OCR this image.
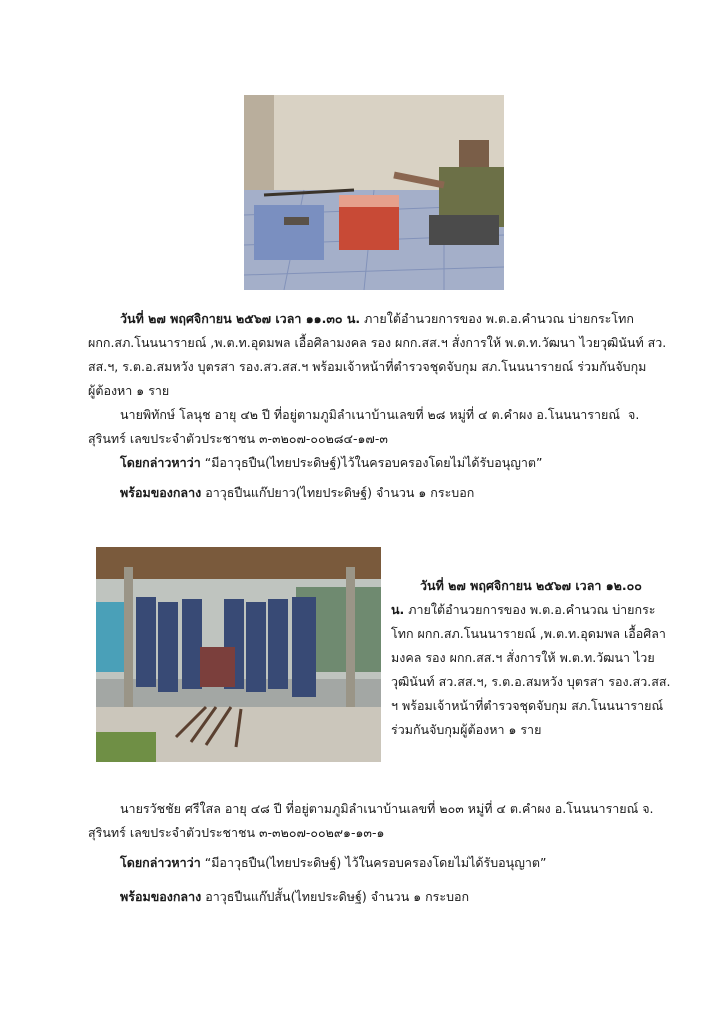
วันที่ ๒๗ พฤศจิกายน ๒๕๖๗ เวลา ๑๑.๓๐ น. ภายใต้อำนวยการของ พ.ต.อ.คำนวณ บ่ายกระโทก
ผกก.สภ.โนนนารายณ์ ,พ.ต.ท.อุดมพล เอื้อศิลามงคล รอง ผกก.สส.ฯ สั่งการให้ พ.ต.ท.วัฒนา ไวยวุฒินันท์ สว.
สส.ฯ, ร.ต.อ.สมหวัง บุตรสา รอง.สว.สส.ฯ พร้อมเจ้าหน้าที่ตำรวจชุดจับกุม สภ.โนนนารายณ์ ร่วมกันจับกุม
ผู้ต้องหา ๑ ราย
นายพิทักษ์ โลนุช อายุ ๔๒ ปี ที่อยู่ตามภูมิลำเนาบ้านเลขที่ ๒๘ หมู่ที่ ๔ ต.คำผง อ.โนนนารายณ์ จ.
สุรินทร์ เลขประจำตัวประชาชน ๓-๓๒๐๗-๐๐๒๘๔-๑๗-๓
โดยกล่าวหาว่า “มีอาวุธปืน(ไทยประดิษฐ์)ไว้ในครอบครองโดยไม่ได้รับอนุญาต”
พร้อมของกลาง อาวุธปืนแก๊ปยาว(ไทยประดิษฐ์) จำนวน ๑ กระบอก
วันที่ ๒๗ พฤศจิกายน ๒๕๖๗ เวลา ๑๒.๐๐
น. ภายใต้อำนวยการของ พ.ต.อ.คำนวณ บ่ายกระ
โทก ผกก.สภ.โนนนารายณ์ ,พ.ต.ท.อุดมพล เอื้อศิลา
มงคล รอง ผกก.สส.ฯ สั่งการให้ พ.ต.ท.วัฒนา ไวย
วุฒินันท์ สว.สส.ฯ, ร.ต.อ.สมหวัง บุตรสา รอง.สว.สส.
ฯ พร้อมเจ้าหน้าที่ตำรวจชุดจับกุม สภ.โนนนารายณ์
ร่วมกันจับกุมผู้ต้องหา ๑ ราย
นายรวัชชัย ศรีใสล อายุ ๔๘ ปี ที่อยู่ตามภูมิลำเนาบ้านเลขที่ ๒๐๓ หมู่ที่ ๔ ต.คำผง อ.โนนนารายณ์ จ.
สุรินทร์ เลขประจำตัวประชาชน ๓-๓๒๐๗-๐๐๒๙๑-๑๓-๑
โดยกล่าวหาว่า “มีอาวุธปืน(ไทยประดิษฐ์) ไว้ในครอบครองโดยไม่ได้รับอนุญาต”
พร้อมของกลาง อาวุธปืนแก๊ปสั้น(ไทยประดิษฐ์) จำนวน ๑ กระบอก
